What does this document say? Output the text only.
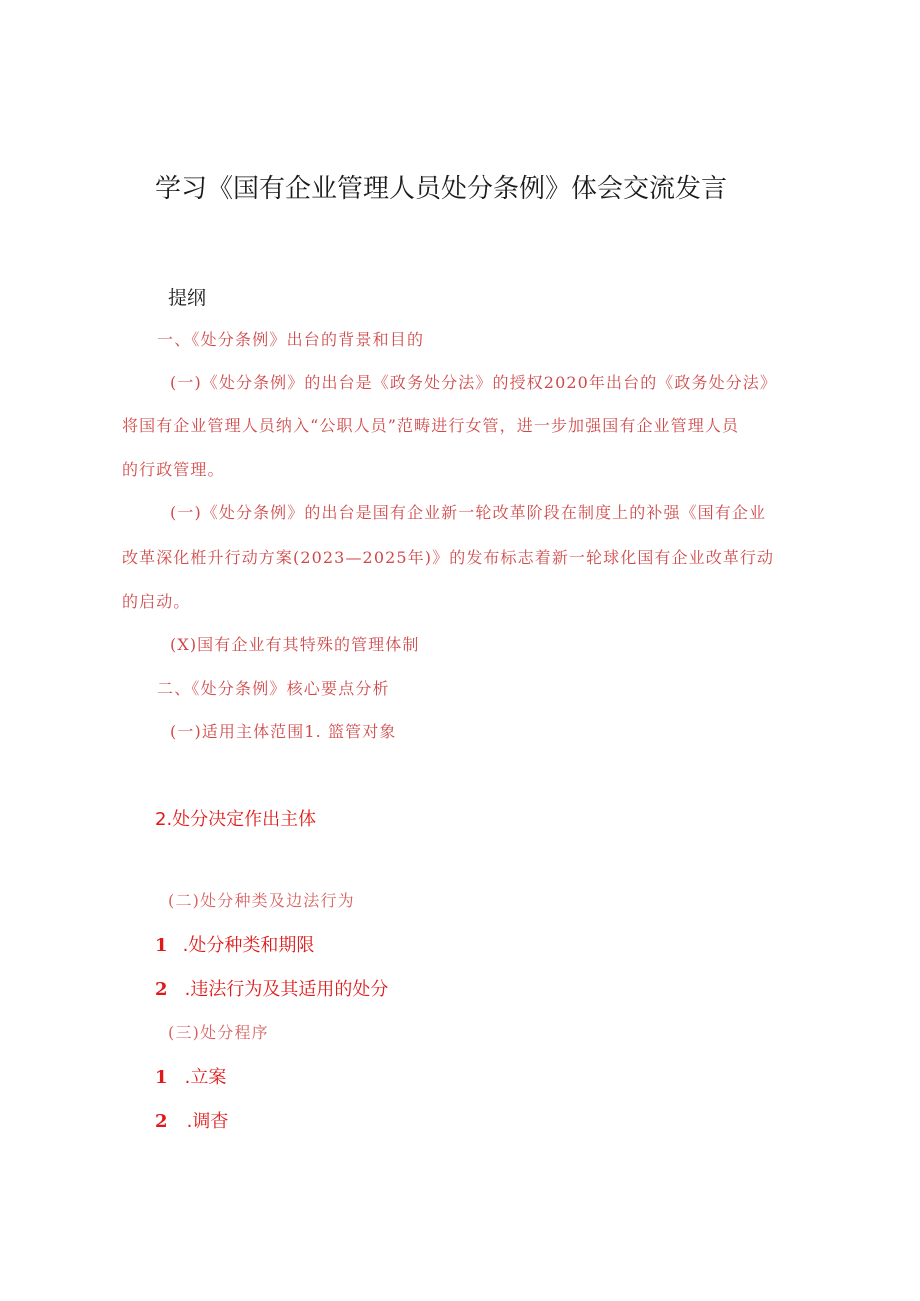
学习《国有企业管理人员处分条例》体会交流发言
提纲
一、《处分条例》出台的背景和目的
(一)《处分条例》的出台是《政务处分法》的授权2020年出台的《政务处分法》
将国有企业管理人员纳入“公职人员”范畴进行女管，进一步加强国有企业管理人员
的行政管理。
(一)《处分条例》的出台是国有企业新一轮改革阶段在制度上的补强《国有企业
改革深化栣升行动方案(2023—2025年)》的发布标志着新一轮球化国有企业改革行动
的启动。
(X)国有企业有其特殊的管理体制
二、《处分条例》核心要点分析
(一)适用主体范围1. 篮管对象
2.处分决定作出主体
(二)处分种类及边法行为
1 .处分种类和期限
2 .违法行为及其适用的处分
(三)处分程序
1 .立案
2 .调杳
